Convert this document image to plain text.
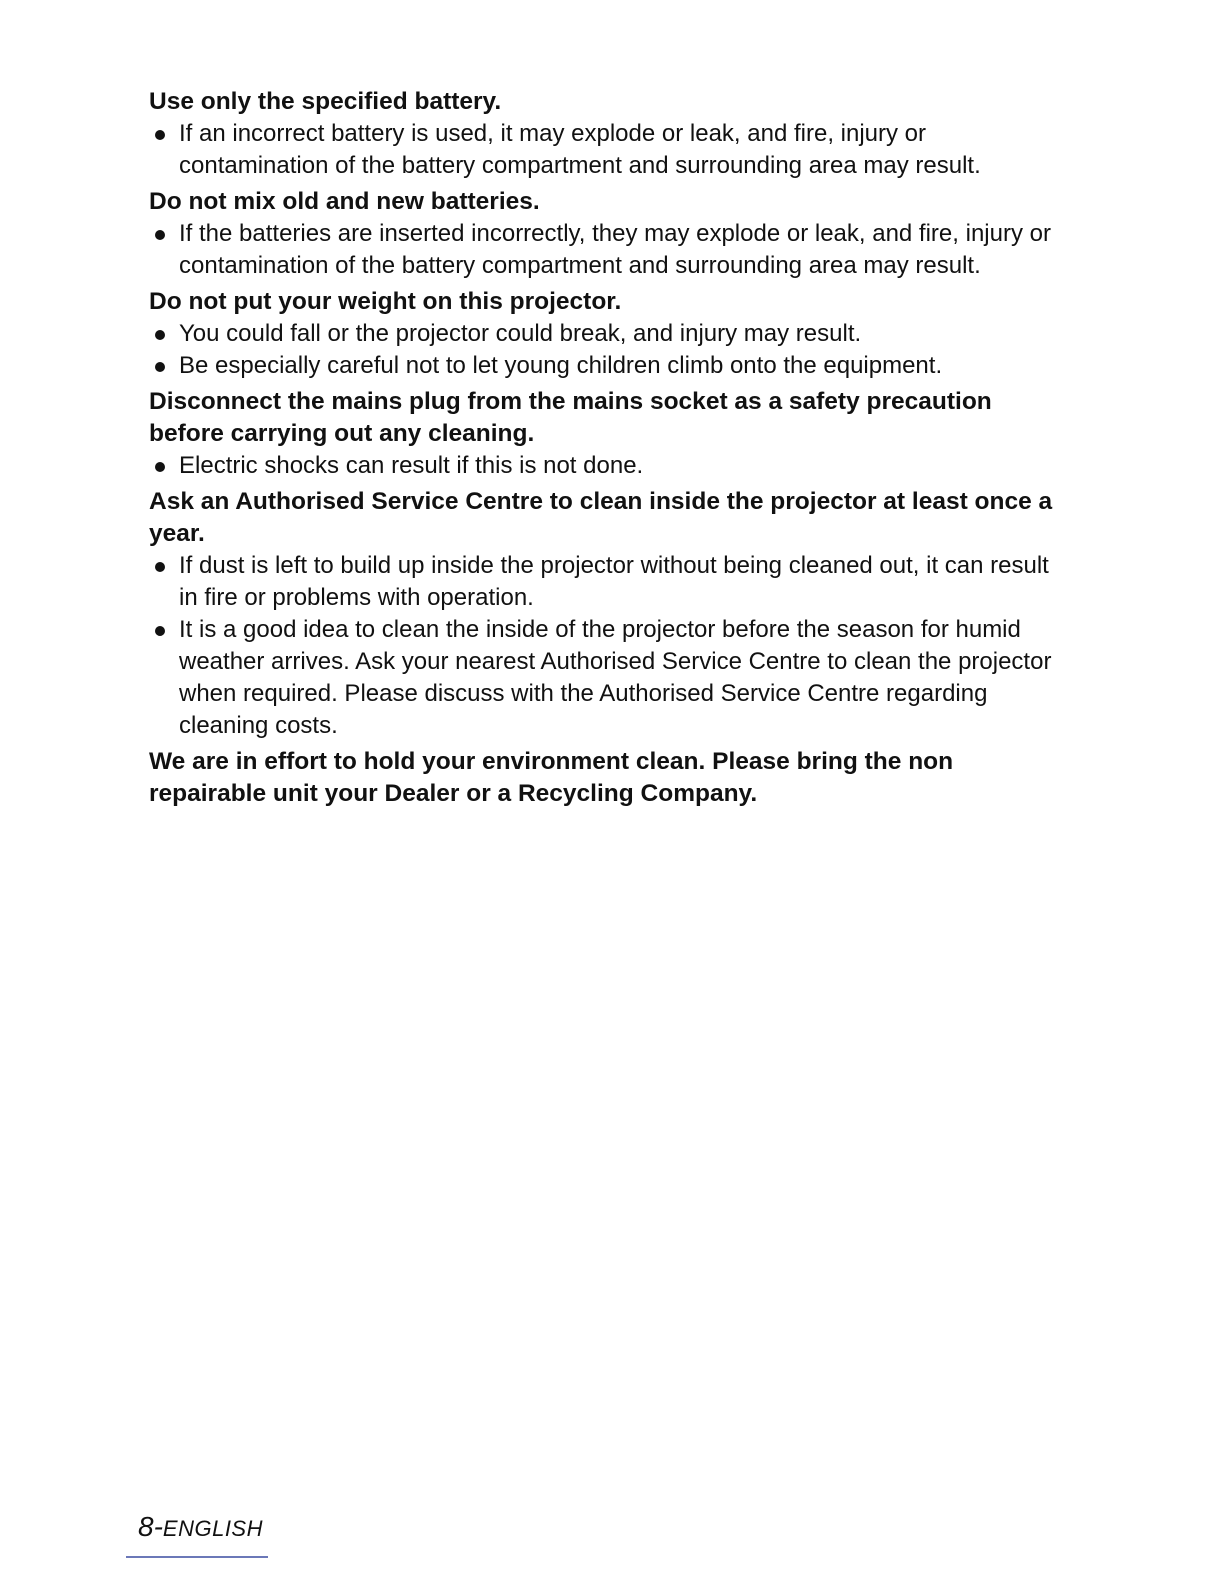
Use only the specified battery.

If an incorrect battery is used, it may explode or leak, and fire, injury or contamination of the battery compartment and surrounding area may result.

Do not mix old and new batteries.

If the batteries are inserted incorrectly, they may explode or leak, and fire, injury or contamination of the battery compartment and surrounding area may result.

Do not put your weight on this projector.

You could fall or the projector could break, and injury may result.
Be especially careful not to let young children climb onto the equipment.

Disconnect the mains plug from the mains socket as a safety precaution before carrying out any cleaning.

Electric shocks can result if this is not done.

Ask an Authorised Service Centre to clean inside the projector at least once a year.

If dust is left to build up inside the projector without being cleaned out, it can result in fire or problems with operation.
It is a good idea to clean the inside of the projector before the season for humid weather arrives. Ask your nearest Authorised Service Centre to clean the projector when required. Please discuss with the Authorised Service Centre regarding cleaning costs.

We are in effort to hold your environment clean. Please bring the non repairable unit your Dealer or a Recycling Company.

8-ENGLISH
